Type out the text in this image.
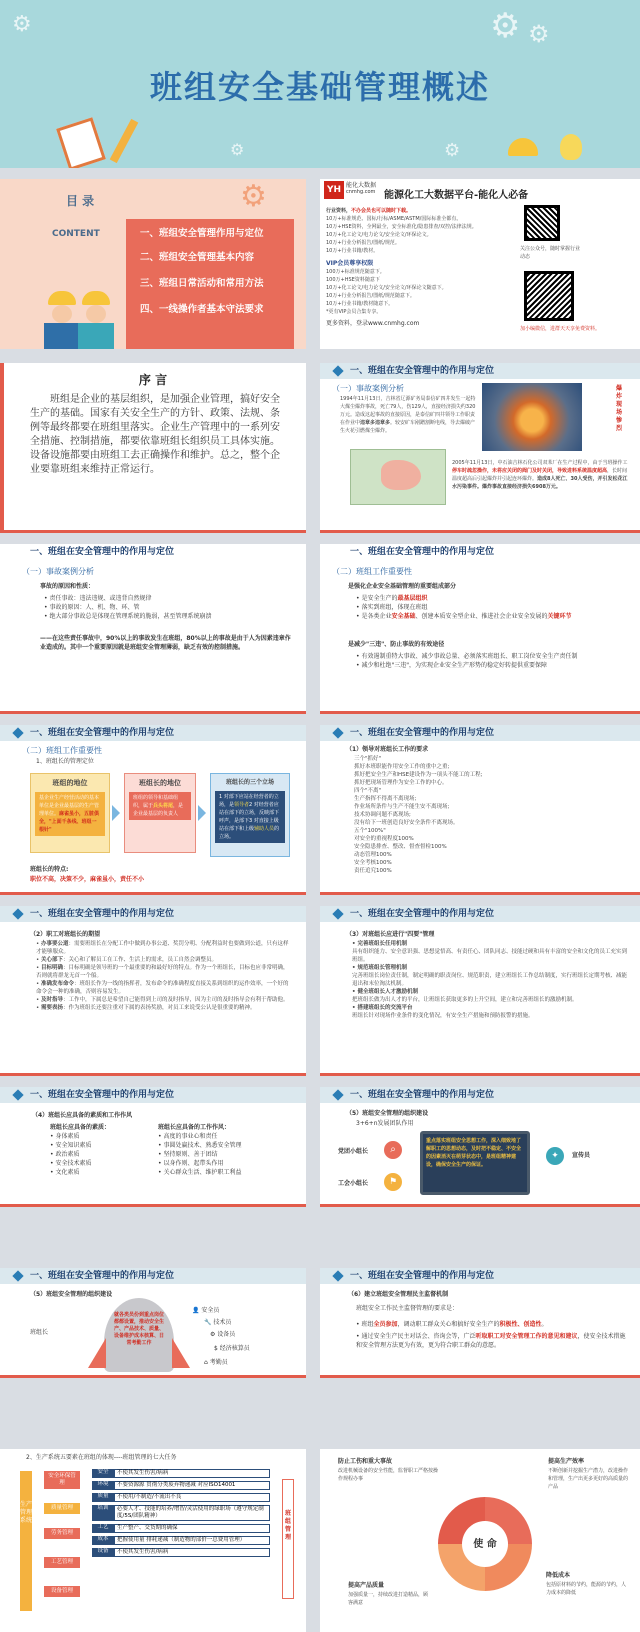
⚙ ⚙
⚙
⚙	⚙
班组安全基础管理概述
⚙
目 录
CONTENT	一、班组安全管理作用与定位
二、班组安全管理基本内容
三、班组日常活动和常用方法
四、一线操作者基本守法要求
YH 能化大数据
cnmhg.com 能源化工大数据平台-能化人必备
行业资料，不办会员也可以随时下载。
10万+标准规范、国标/行标/ASME/ASTM/国际标准全都有。
10万+HSE资料，全网最全，安全标准化/隐患排查/双控/法律法规。
10万+化工论文/电力论文/安全论文/环保论文。
10万+行业分析报告/图纸/规范。
10万+行业书籍/教材。
VIP会员尊享权限
100万+标准规范随意下。
100万+HSE资料随意下
10万+化工论文/电力论文/安全论文/环保论文随意下。
10万+行业分析报告/图纸/规范随意下。
10万+行业书籍/教材随意下。
*更有VIP会员合集专享。
更多资料，登录www.cnmhg.com
关注公众号，随时掌握行业动态
加小编微信，进群天天享免费资料。
序 言
班组是企业的基层组织，是加强企业管理，搞好安全生产的基础。国家有关安全生产的方针、政策、法规、条例等最终都要在班组里落实。企业生产管理中的一系列安全措施、控制措施，都要依靠班组长组织员工具体实施。设备设施都要由班组工去正确操作和维护。总之，整个企业要靠班组来维持正常运行。
一、班组在安全管理中的作用与定位
（一）事故案例分析
1994年11月13日，吉林省辽源矿务局泰信矿四井发生一起特大煤尘爆炸事故，死亡79人，伤129人，直接经济损失约320万元。造成这起事故的直接原因，是泰信矿四井领导工作职责在作业中违章多违章多。较安矿车剐蹭割断电线，导去爆破产生火花引燃煤尘爆炸。
爆炸现场惨烈
2005年11月13日，中石油吉林石化公司双苯厂在生产过程中，由于当班操作工停车时疏忽操作，未将应关闭的阀门及时关闭，导致进料系统温度超高，长时间温度超高后引起爆炸并引起连环爆炸。造成8人死亡、30人受伤，并引发松花江水污染事件。爆炸事故直接经济损失6908万元。
一、班组在安全管理中的作用与定位
（一）事故案例分析
事故的原因和性质：
• 责任事故：违法违规、或违背自然规律
• 事故的原因：人、机、物、环、管
• 绝大部分事故总是体现在管理系统的脆弱，甚至管理系统崩溃
——在这些责任事故中，90%以上的事故发生在班组，80%以上的事故是由于人为因素违章作业造成的。其中一个重要原因就是班组安全管理薄弱，缺乏有效的控制措施。
一、班组在安全管理中的作用与定位
（二）班组工作重要性
是强化企业安全基础管理的重要组成部分
• 是安全生产的最基层组织
• 落实到班组，体现在班组
• 是各类企业安全基础、创建本质安全型企业、推进社会企业安全发展的关键环节
是减少"三违"、防止事故的有效途径
• 有效遏制重特大事故、减少事故总量、必须落实班组长、职工岗位安全生产责任制
• 减少和杜绝"三违"，为实现企业安全生产形势的稳定好转提供重要保障
一、班组在安全管理中的作用与定位
（二）班组工作重要性
1、班组长的管理定位
班组的地位
基企业生产经营活动的基本单位是企业最基层的生产管理单位。麻雀虽小，五脏俱全，"上面千条线、班组一根针"
班组长的地位
班组的领导和基础组织，属于兵头将尾，是企业最基层的负责人
班组长的三个立场
1 对部下应站在经营者的立场，是领导者2 对经营者应站在部下的立场，反映部下呼声，是部下3 对直接上级站在部下和上级辅助人员的立场。
班组长的特点:
职位不高，决策不少，麻雀虽小，责任不小
一、班组在安全管理中的作用与定位
（1）领导对班组长工作的要求
三个"抓好"
抓好本班职能作用安全工作的重中之重;
抓好把安全生产和HSE建设作为一项头不能工的工程;
抓好把现场管理作为安全工作的中心。
四个"不离"
生产指挥不得离不离现场;
作业场所条件与生产不能生安不离现场;
技术协调问题不离现场;
没有给下一班创造良好安全条件不离现场。
五个"100%"
对安全的重视程度100%
安全隐患排查、整改、督查督检100%
动态管理100%
安全考核100%
责任追究100%
一、班组在安全管理中的作用与定位
（2）职工对班组长的期望
• 办事要公道：需要班组长在分配工作中做到办事公道、奖罚分明、分配利益时也要做到公道，只有这样才能够服众。
• 关心部下：关心和了解员工在工作、生活上的需求，员工自然会调整员。
• 目标明确：目标明确是领导班的一个最重要的和最好好的特点。作为一个班组长，目标也应非常明确，否则就将群龙无首一个船。
• 准确发布命令：班组长作为一线的指挥者，发布命令的准确程度直接关系到组织的运作效率，一个好的命令会一种的准确，否则容易发生。
• 及时指导：工作中，下属总是希望自己能得到上司的及时指导，因为主司的及时指导会有利于帮助他。
• 需要表扬：作为班组长还要注重对下属的表扬奖励，对员工来说受公认是很重要的精神。
一、班组在安全管理中的作用与定位
（3）对班组长应进行"四要"管理
• 完善班组长任用机制
具有组织能力、安全意识强、思想觉悟高、有责任心、团队同志、技能过硬和具有丰富的安全和文化的员工充实到班组。
• 规范班组长管理机制
完善班组长岗位责任制，制定明确的职责岗位、规范职责，建立班组长工作总结制度，实行班组长定期考核、减能退出和末位淘汰机制。
• 健全班组长人才激励机制
把班组长做为出人才的平台，让班组长获取更多的上升空间，建立和完善班组长的激励机制。
• 搭建班组长的交流平台
班组长针对现场作业条件的变化情况，有安全生产措施和预防报警的措施。
一、班组在安全管理中的作用与定位
（4）班组长应具备的素质和工作作风
班组长应具备的素质：
• 身体素质
• 安全知识素质
• 政治素质
• 安全技术素质
• 文化素质
班组长应具备的工作作风：
• 高度的事业心和责任
• 事圆处赢技术、熟悉安全管理
• 坚持原则、善于团结
• 以身作则、起带头作用
• 关心群众生活、维护职工利益
一、班组在安全管理中的作用与定位
（5）班组安全管理的组织建设
3+6+n发展团队作用
重点落实班组安全思想工作，深入细致地了解职工的思想动态，及时把不稳定、不安全的因素消灭在萌芽状态中，是班组精神建设，确保安全生产的保证。
党团小组长	⌕
工会小组长	⚑
✦	宣传员
一、班组在安全管理中的作用与定位
（5）班组安全管理的组织建设
班组长
就各类员份到重点岗位都都设置，推动安全生产、产品技术、质量、设备维护成本核算、日常考勤工作
👤 安全员
🔧 技术员
⚙ 设备员
$ 经济核算员
⌂ 考勤员
一、班组在安全管理中的作用与定位
（6）建立班组安全管理民主监督机制
班组安全工作民主监督管理的要求是：
• 班组全员参加，调动职工群众关心和搞好安全生产的积极性、创造性。
• 通过安全生产民主对话会、咨询会等，广泛听取职工对安全管理工作的意见和建议，使安全技术措施和安全管理方法更为有效，更为符合职工群众的意愿。
2、生产系统五要素在班组的体现----班组管理的七大任务
生产管理系统
安全环保管理
质量管理
劳务管理
工艺管理
设备管理
安全	不使其发生伤害/病病
环境	不要资源源 贯彻分类废弃物递减 对应ISO14001
质量	不使用/不制造/不流出不良
培训	必要人才、技能的培养/增智/灵活使用的绿职场（遵守规定制度/5S/团队精神）
工艺	生产整产、交货期的确保
成本	把握使用量 排耗递减（制造物的部价一总费用管理）
设备	不使其发生伤害/病病
班组管理
使 命
防止工伤和重大事故
改进机械设备的安全性能，监督职工严格按操作规程办事
提高生产效率
不断创新并挖掘生产潜力，改进操作和管理，生产出更多更好的高质量的产品
提高产品质量
加强质量一，持续改进打造精品，顾客满意
降低成本
包括原材料的节约，能源的节约，人力成本的降低
